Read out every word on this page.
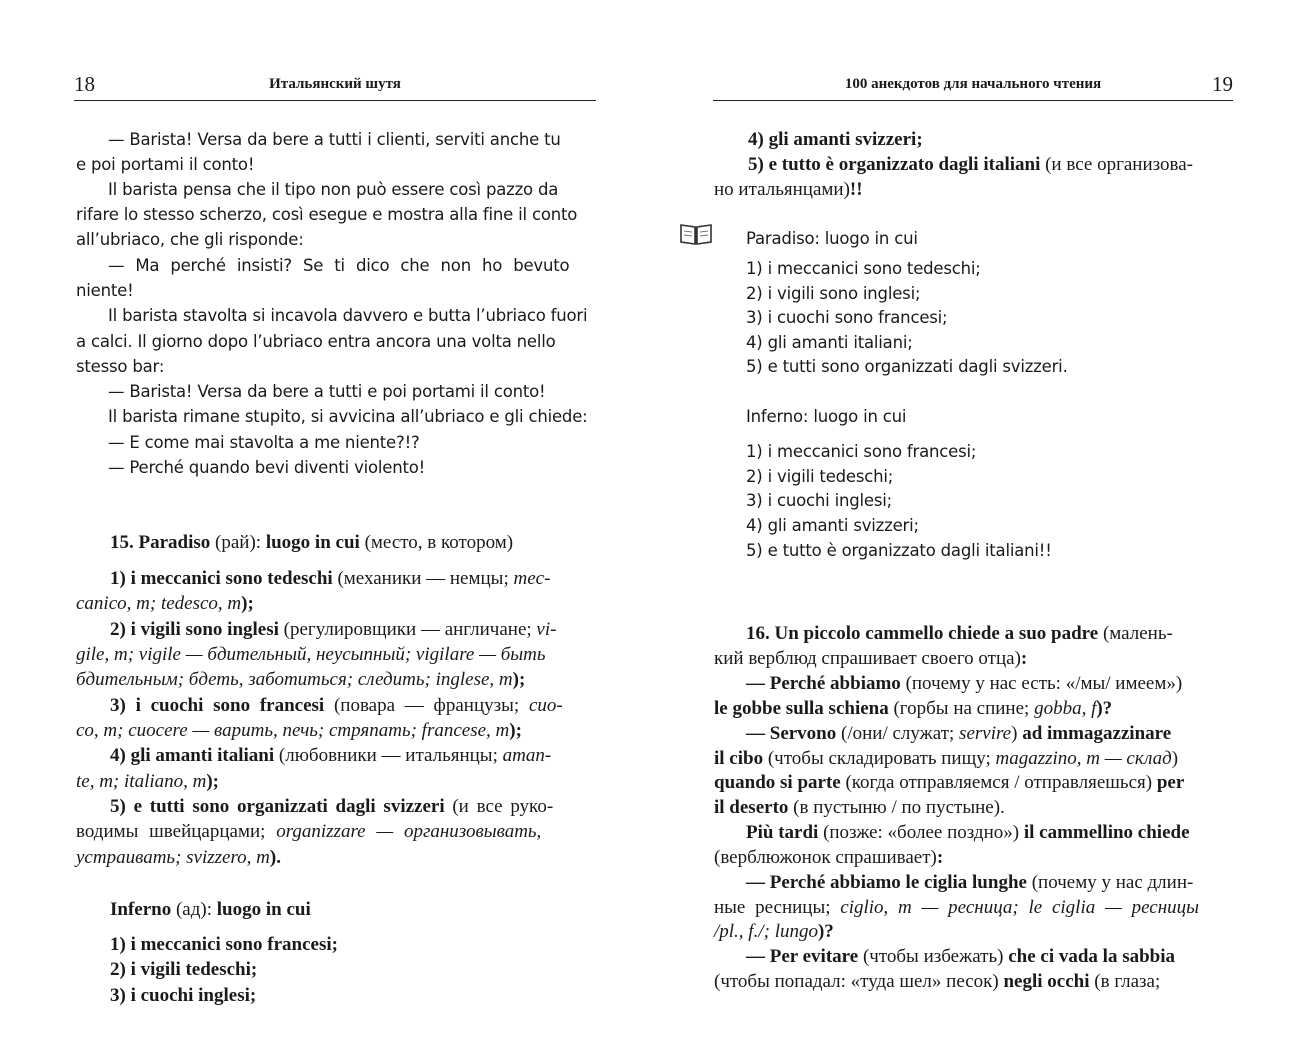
18	Итальянский шутя
— Barista! Versa da bere a tutti i clienti, serviti anche tu
e poi portami il conto!
Il barista pensa che il tipo non può essere così pazzo da
rifare lo stesso scherzo, così esegue e mostra alla fine il conto
all’ubriaco, che gli risponde:
— Ma perché insisti? Se ti dico che non ho bevuto
niente!
Il barista stavolta si incavola davvero e butta l’ubriaco fuori
a calci. Il giorno dopo l’ubriaco entra ancora una volta nello
stesso bar:
— Barista! Versa da bere a tutti e poi portami il conto!
Il barista rimane stupito, si avvicina all’ubriaco e gli chiede:
— E come mai stavolta a me niente?!?
— Perché quando bevi diventi violento!
15. Paradiso (рай): luogo in cui (место, в котором)
1) i meccanici sono tedeschi (механики — немцы; mec-
canico, m; tedesco, m);
2) i vigili sono inglesi (регулировщики — англичане; vi-
gile, m; vigile — бдительный, неусыпный; vigilare — быть
бдительным; бдеть, заботиться; следить; inglese, m);
3) i cuochi sono francesi (повара — французы; cuo-
co, m; cuocere — варить, печь; стряпать; francese, m);
4) gli amanti italiani (любовники — итальянцы; aman-
te, m; italiano, m);
5) e tutti sono organizzati dagli svizzeri (и все руко-
водимы швейцарцами; organizzare — организовывать,
устраивать; svizzero, m).
Inferno (ад): luogo in cui
1) i meccanici sono francesi;
2) i vigili tedeschi;
3) i cuochi inglesi;
100 анекдотов для начального чтения	19
4) gli amanti svizzeri;
5) e tutto è organizzato dagli italiani (и все организова-
но итальянцами)!!
Paradiso: luogo in cui
1) i meccanici sono tedeschi;
2) i vigili sono inglesi;
3) i cuochi sono francesi;
4) gli amanti italiani;
5) e tutti sono organizzati dagli svizzeri.
Inferno: luogo in cui
1) i meccanici sono francesi;
2) i vigili tedeschi;
3) i cuochi inglesi;
4) gli amanti svizzeri;
5) e tutto è organizzato dagli italiani!!
16. Un piccolo cammello chiede a suo padre (малень-
кий верблюд спрашивает своего отца):
— Perché abbiamo (почему у нас есть: «/мы/ имеем»)
le gobbe sulla schiena (горбы на спине; gobba, f)?
— Servono (/они/ служат; servire) ad immagazzinare
il cibo (чтобы складировать пищу; magazzino, m — склад)
quando si parte (когда отправляемся / отправляешься) per
il deserto (в пустыню / по пустыне).
Più tardi (позже: «более поздно») il cammellino chiede
(верблюжонок спрашивает):
— Perché abbiamo le ciglia lunghe (почему у нас длин-
ные ресницы; ciglio, m — ресница; le ciglia — ресницы
/pl., f./; lungo)?
— Per evitare (чтобы избежать) che ci vada la sabbia
(чтобы попадал: «туда шел» песок) negli occhi (в глаза;
